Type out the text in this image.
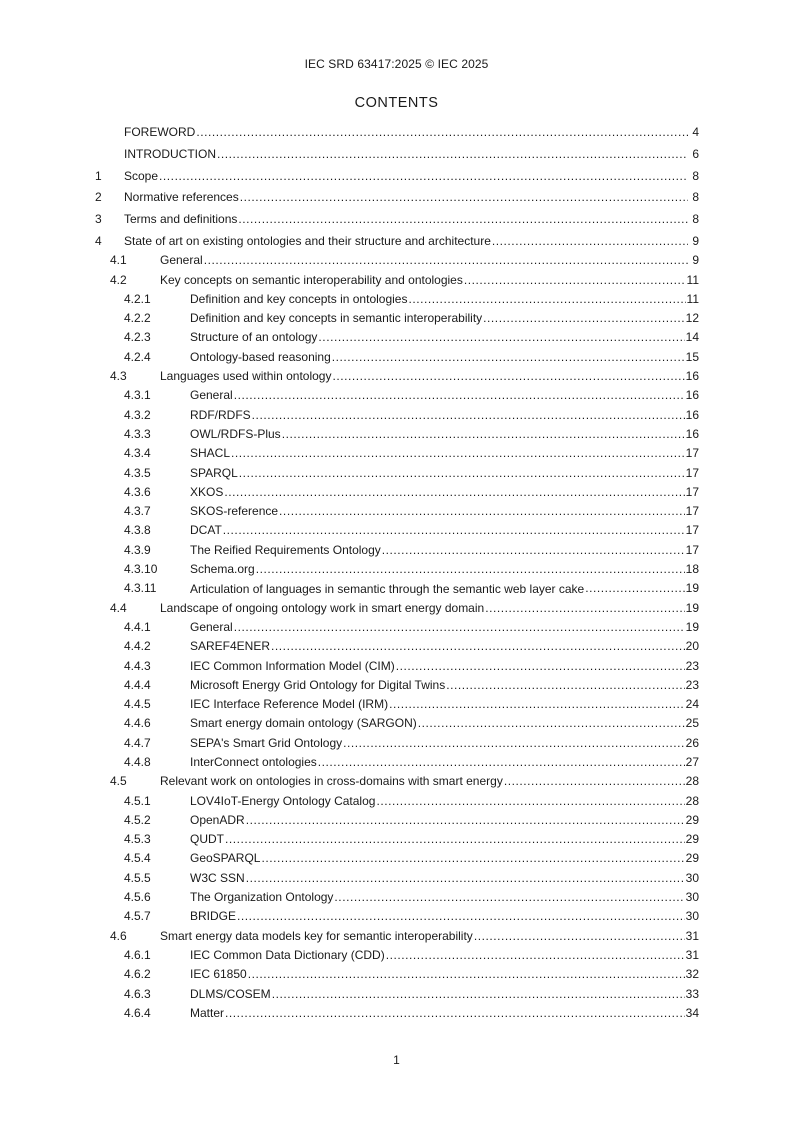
IEC SRD 63417:2025 © IEC 2025
CONTENTS
FOREWORD .....	4
INTRODUCTION .....	6
1	Scope .....	8
2	Normative references .....	8
3	Terms and definitions .....	8
4	State of art on existing ontologies and their structure and architecture .....	9
4.1	General .....	9
4.2	Key concepts on semantic interoperability and ontologies .....	11
4.2.1	Definition and key concepts in ontologies .....	11
4.2.2	Definition and key concepts in semantic interoperability .....	12
4.2.3	Structure of an ontology .....	14
4.2.4	Ontology-based reasoning .....	15
4.3	Languages used within ontology .....	16
4.3.1	General .....	16
4.3.2	RDF/RDFS .....	16
4.3.3	OWL/RDFS-Plus .....	16
4.3.4	SHACL .....	17
4.3.5	SPARQL .....	17
4.3.6	XKOS .....	17
4.3.7	SKOS-reference .....	17
4.3.8	DCAT .....	17
4.3.9	The Reified Requirements Ontology .....	17
4.3.10	Schema.org .....	18
4.3.11	Articulation of languages in semantic through the semantic web layer cake .....	19
4.4	Landscape of ongoing ontology work in smart energy domain .....	19
4.4.1	General .....	19
4.4.2	SAREF4ENER .....	20
4.4.3	IEC Common Information Model (CIM) .....	23
4.4.4	Microsoft Energy Grid Ontology for Digital Twins .....	23
4.4.5	IEC Interface Reference Model (IRM) .....	24
4.4.6	Smart energy domain ontology (SARGON) .....	25
4.4.7	SEPA's Smart Grid Ontology .....	26
4.4.8	InterConnect ontologies .....	27
4.5	Relevant work on ontologies in cross-domains with smart energy .....	28
4.5.1	LOV4IoT-Energy Ontology Catalog .....	28
4.5.2	OpenADR .....	29
4.5.3	QUDT .....	29
4.5.4	GeoSPARQL .....	29
4.5.5	W3C SSN .....	30
4.5.6	The Organization Ontology .....	30
4.5.7	BRIDGE .....	30
4.6	Smart energy data models key for semantic interoperability .....	31
4.6.1	IEC Common Data Dictionary (CDD) .....	31
4.6.2	IEC 61850 .....	32
4.6.3	DLMS/COSEM .....	33
4.6.4	Matter .....	34
1
